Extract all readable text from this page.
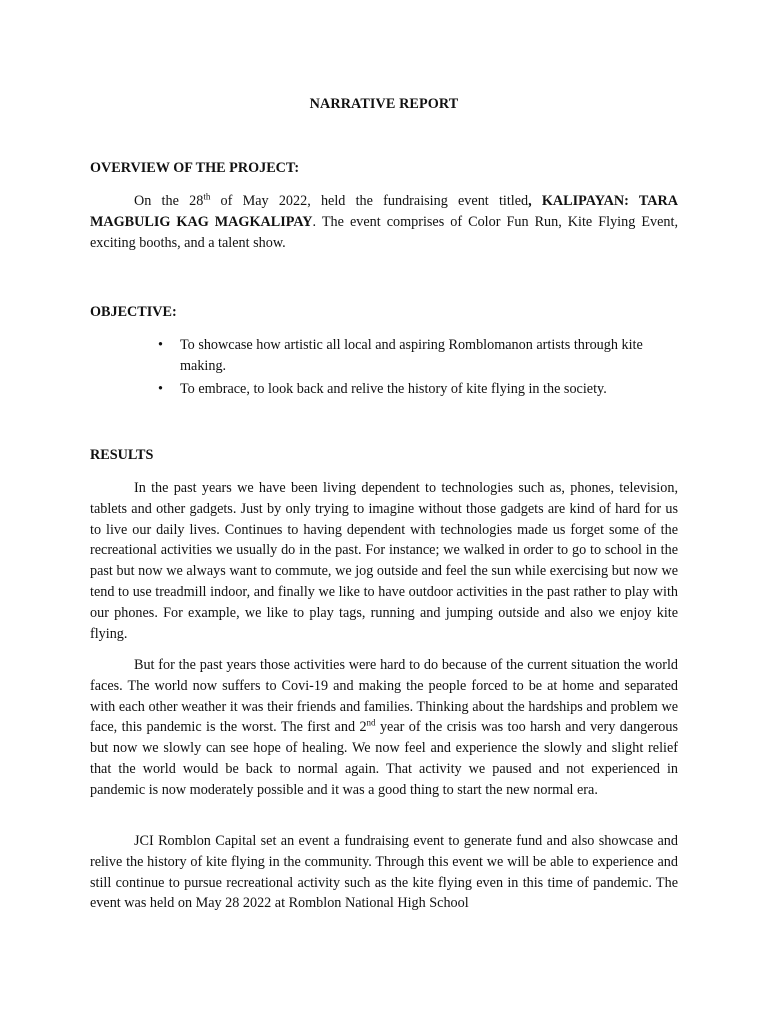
NARRATIVE REPORT
OVERVIEW OF THE PROJECT:

On the 28th of May 2022, held the fundraising event titled, KALIPAYAN: TARA MAGBULIG KAG MAGKALIPAY. The event comprises of Color Fun Run, Kite Flying Event, exciting booths, and a talent show.

OBJECTIVE:
• To showcase how artistic all local and aspiring Romblomanon artists through kite making.
• To embrace, to look back and relive the history of kite flying in the society.
RESULTS

In the past years we have been living dependent to technologies such as, phones, television, tablets and other gadgets. Just by only trying to imagine without those gadgets are kind of hard for us to live our daily lives. Continues to having dependent with technologies made us forget some of the recreational activities we usually do in the past. For instance; we walked in order to go to school in the past but now we always want to commute, we jog outside and feel the sun while exercising but now we tend to use treadmill indoor, and finally we like to have outdoor activities in the past rather to play with our phones. For example, we like to play tags, running and jumping outside and also we enjoy kite flying.

But for the past years those activities were hard to do because of the current situation the world faces. The world now suffers to Covi-19 and making the people forced to be at home and separated with each other weather it was their friends and families. Thinking about the hardships and problem we face, this pandemic is the worst. The first and 2nd year of the crisis was too harsh and very dangerous but now we slowly can see hope of healing. We now feel and experience the slowly and slight relief that the world would be back to normal again. That activity we paused and not experienced in pandemic is now moderately possible and it was a good thing to start the new normal era.

JCI Romblon Capital set an event a fundraising event to generate fund and also showcase and relive the history of kite flying in the community. Through this event we will be able to experience and still continue to pursue recreational activity such as the kite flying even in this time of pandemic. The event was held on May 28 2022 at Romblon National High School
